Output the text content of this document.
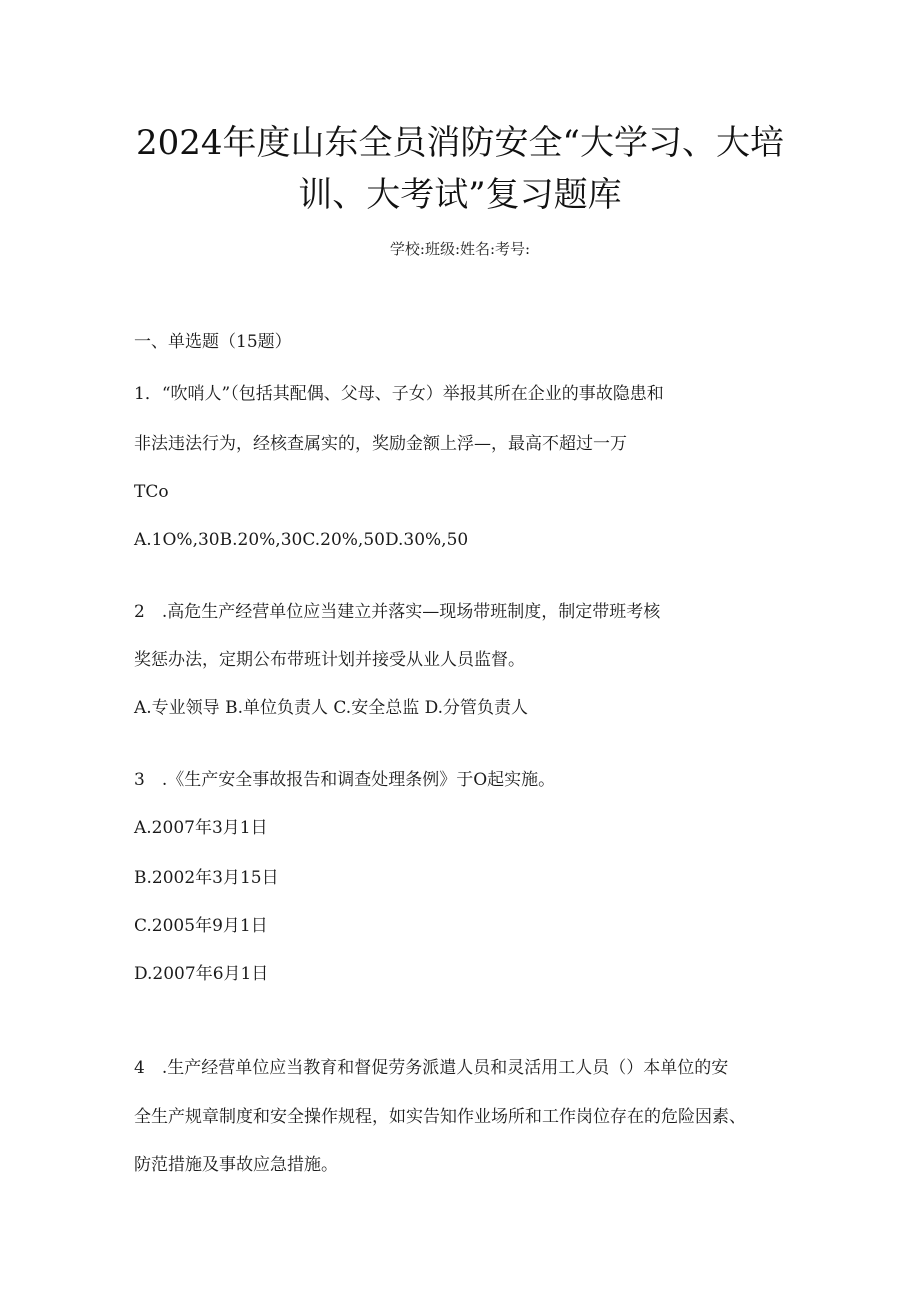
2024年度山东全员消防安全“大学习、大培
训、大考试”复习题库
学校:班级:姓名:考号:
一、单选题（15题）
1．“吹哨人”（包括其配偶、父母、子女）举报其所在企业的事故隐患和
非法违法行为，经核查属实的，奖励金额上浮—，最高不超过一万
TCo
A.1O%,30B.20%,30C.20%,50D.30%,50
2　.高危生产经营单位应当建立并落实—现场带班制度，制定带班考核
奖惩办法，定期公布带班计划并接受从业人员监督。
A.专业领导 B.单位负责人 C.安全总监 D.分管负责人
3　.《生产安全事故报告和调查处理条例》于O起实施。
A.2007年3月1日
B.2002年3月15日
C.2005年9月1日
D.2007年6月1日
4　.生产经营单位应当教育和督促劳务派遣人员和灵活用工人员（）本单位的安
全生产规章制度和安全操作规程，如实告知作业场所和工作岗位存在的危险因素、
防范措施及事故应急措施。
